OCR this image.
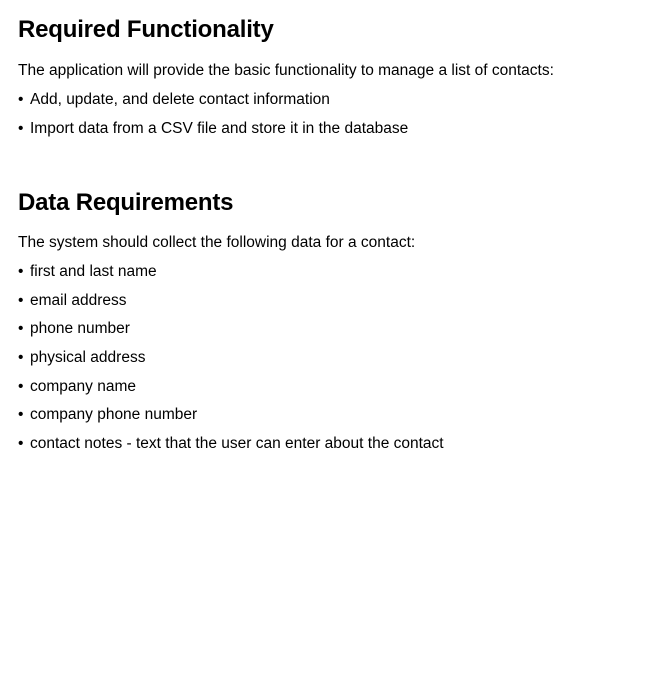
Required Functionality
The application will provide the basic functionality to manage a list of contacts:
• Add, update, and delete contact information
• Import data from a CSV file and store it in the database
Data Requirements
The system should collect the following data for a contact:
• first and last name
• email address
• phone number
• physical address
• company name
• company phone number
• contact notes - text that the user can enter about the contact
